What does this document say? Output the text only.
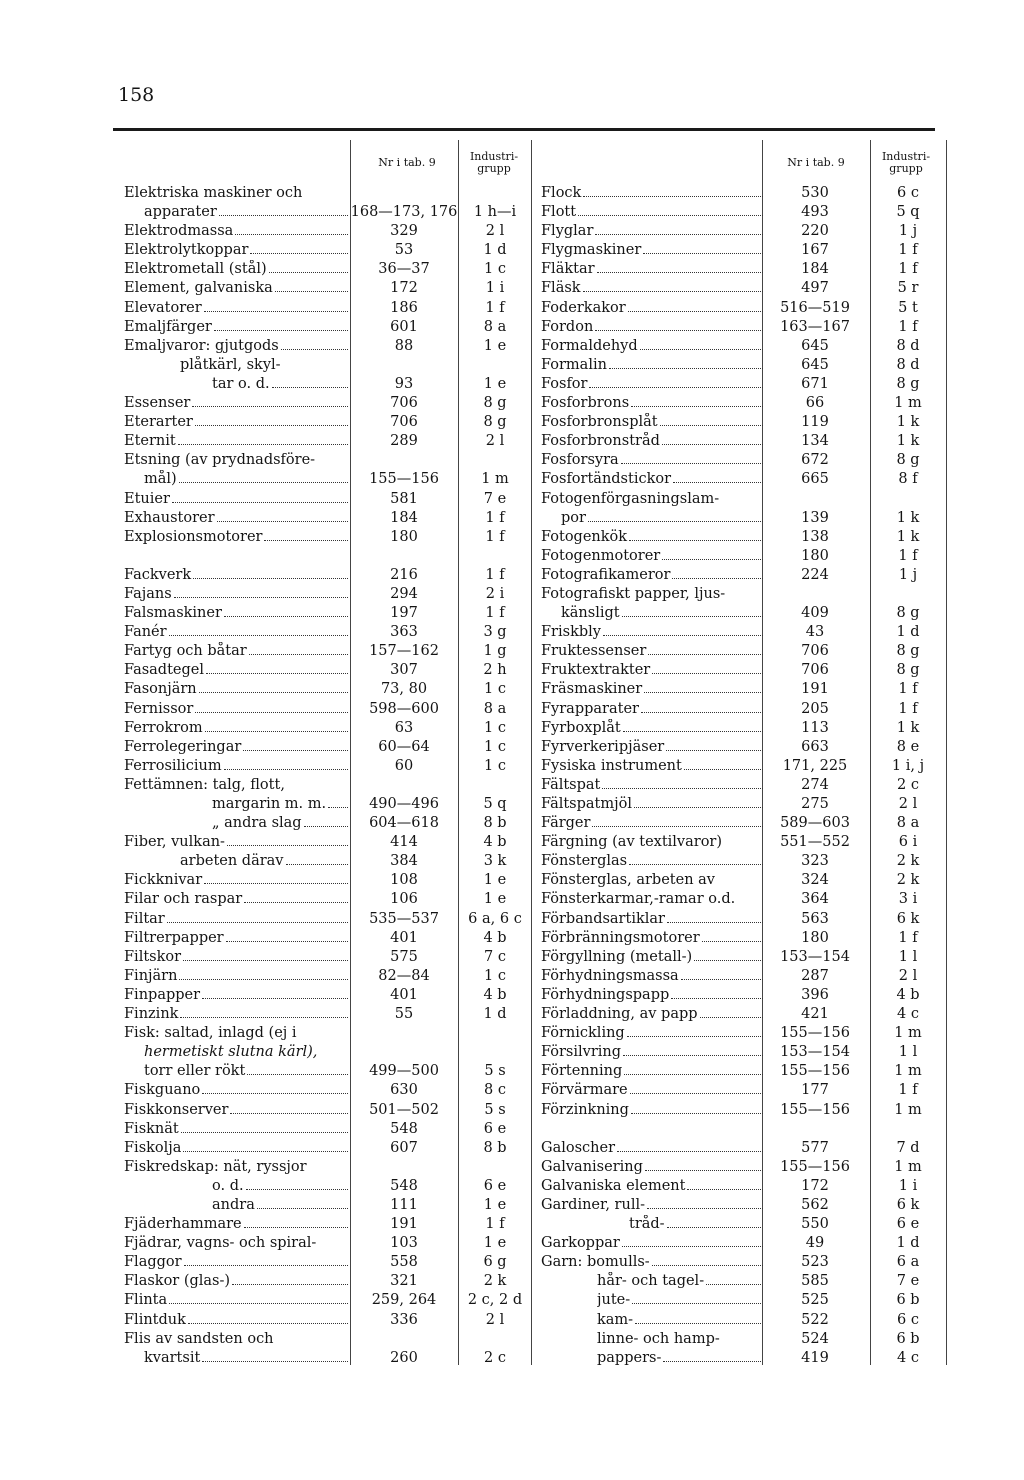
158
Nr i tab. 9	Industri-
grupp	Nr i tab. 9	Industri-
grupp
Elektriska maskiner och
apparater	168—173, 176	1 h—i
Elektrodmassa	329	2 l
Elektrolytkoppar	53	1 d
Elektrometall (stål)	36—37	1 c
Element, galvaniska	172	1 i
Elevatorer	186	1 f
Emaljfärger	601	8 a
Emaljvaror: gjutgods	88	1 e
plåtkärl, skyl-
tar o. d.	93	1 e
Essenser	706	8 g
Eterarter	706	8 g
Eternit	289	2 l
Etsning (av prydnadsföre-
mål)	155—156	1 m
Etuier	581	7 e
Exhaustorer	184	1 f
Explosionsmotorer	180	1 f
Fackverk	216	1 f
Fajans	294	2 i
Falsmaskiner	197	1 f
Fanér	363	3 g
Fartyg och båtar	157—162	1 g
Fasadtegel	307	2 h
Fasonjärn	73, 80	1 c
Fernissor	598—600	8 a
Ferrokrom	63	1 c
Ferrolegeringar	60—64	1 c
Ferrosilicium	60	1 c
Fettämnen: talg, flott,
margarin m. m.	490—496	5 q
„ andra slag	604—618	8 b
Fiber, vulkan-	414	4 b
arbeten därav	384	3 k
Fickknivar	108	1 e
Filar och raspar	106	1 e
Filtar	535—537	6 a, 6 c
Filtrerpapper	401	4 b
Filtskor	575	7 c
Finjärn	82—84	1 c
Finpapper	401	4 b
Finzink	55	1 d
Fisk: saltad, inlagd (ej i
hermetiskt slutna kärl),
torr eller rökt	499—500	5 s
Fiskguano	630	8 c
Fiskkonserver	501—502	5 s
Fisknät	548	6 e
Fiskolja	607	8 b
Fiskredskap: nät, ryssjor
o. d.	548	6 e
andra	111	1 e
Fjäderhammare	191	1 f
Fjädrar, vagns- och spiral-	103	1 e
Flaggor	558	6 g
Flaskor (glas-)	321	2 k
Flinta	259, 264	2 c, 2 d
Flintduk	336	2 l
Flis av sandsten och
kvartsit	260	2 c
Flock	530	6 c
Flott	493	5 q
Flyglar	220	1 j
Flygmaskiner	167	1 f
Fläktar	184	1 f
Fläsk	497	5 r
Foderkakor	516—519	5 t
Fordon	163—167	1 f
Formaldehyd	645	8 d
Formalin	645	8 d
Fosfor	671	8 g
Fosforbrons	66	1 m
Fosforbronsplåt	119	1 k
Fosforbronstråd	134	1 k
Fosforsyra	672	8 g
Fosfortändstickor	665	8 f
Fotogenförgasningslam-
por	139	1 k
Fotogenkök	138	1 k
Fotogenmotorer	180	1 f
Fotografikameror	224	1 j
Fotografiskt papper, ljus-
känsligt	409	8 g
Friskbly	43	1 d
Fruktessenser	706	8 g
Fruktextrakter	706	8 g
Fräsmaskiner	191	1 f
Fyrapparater	205	1 f
Fyrboxplåt	113	1 k
Fyrverkeripjäser	663	8 e
Fysiska instrument	171, 225	1 i, j
Fältspat	274	2 c
Fältspatmjöl	275	2 l
Färger	589—603	8 a
Färgning (av textilvaror)	551—552	6 i
Fönsterglas	323	2 k
Fönsterglas, arbeten av	324	2 k
Fönsterkarmar,-ramar o.d.	364	3 i
Förbandsartiklar	563	6 k
Förbränningsmotorer	180	1 f
Förgyllning (metall-)	153—154	1 l
Förhydningsmassa	287	2 l
Förhydningspapp	396	4 b
Förladdning, av papp	421	4 c
Förnickling	155—156	1 m
Försilvring	153—154	1 l
Förtenning	155—156	1 m
Förvärmare	177	1 f
Förzinkning	155—156	1 m
Galoscher	577	7 d
Galvanisering	155—156	1 m
Galvaniska element	172	1 i
Gardiner, rull-	562	6 k
tråd-	550	6 e
Garkoppar	49	1 d
Garn: bomulls-	523	6 a
hår- och tagel-	585	7 e
jute-	525	6 b
kam-	522	6 c
linne- och hamp-	524	6 b
pappers-	419	4 c
